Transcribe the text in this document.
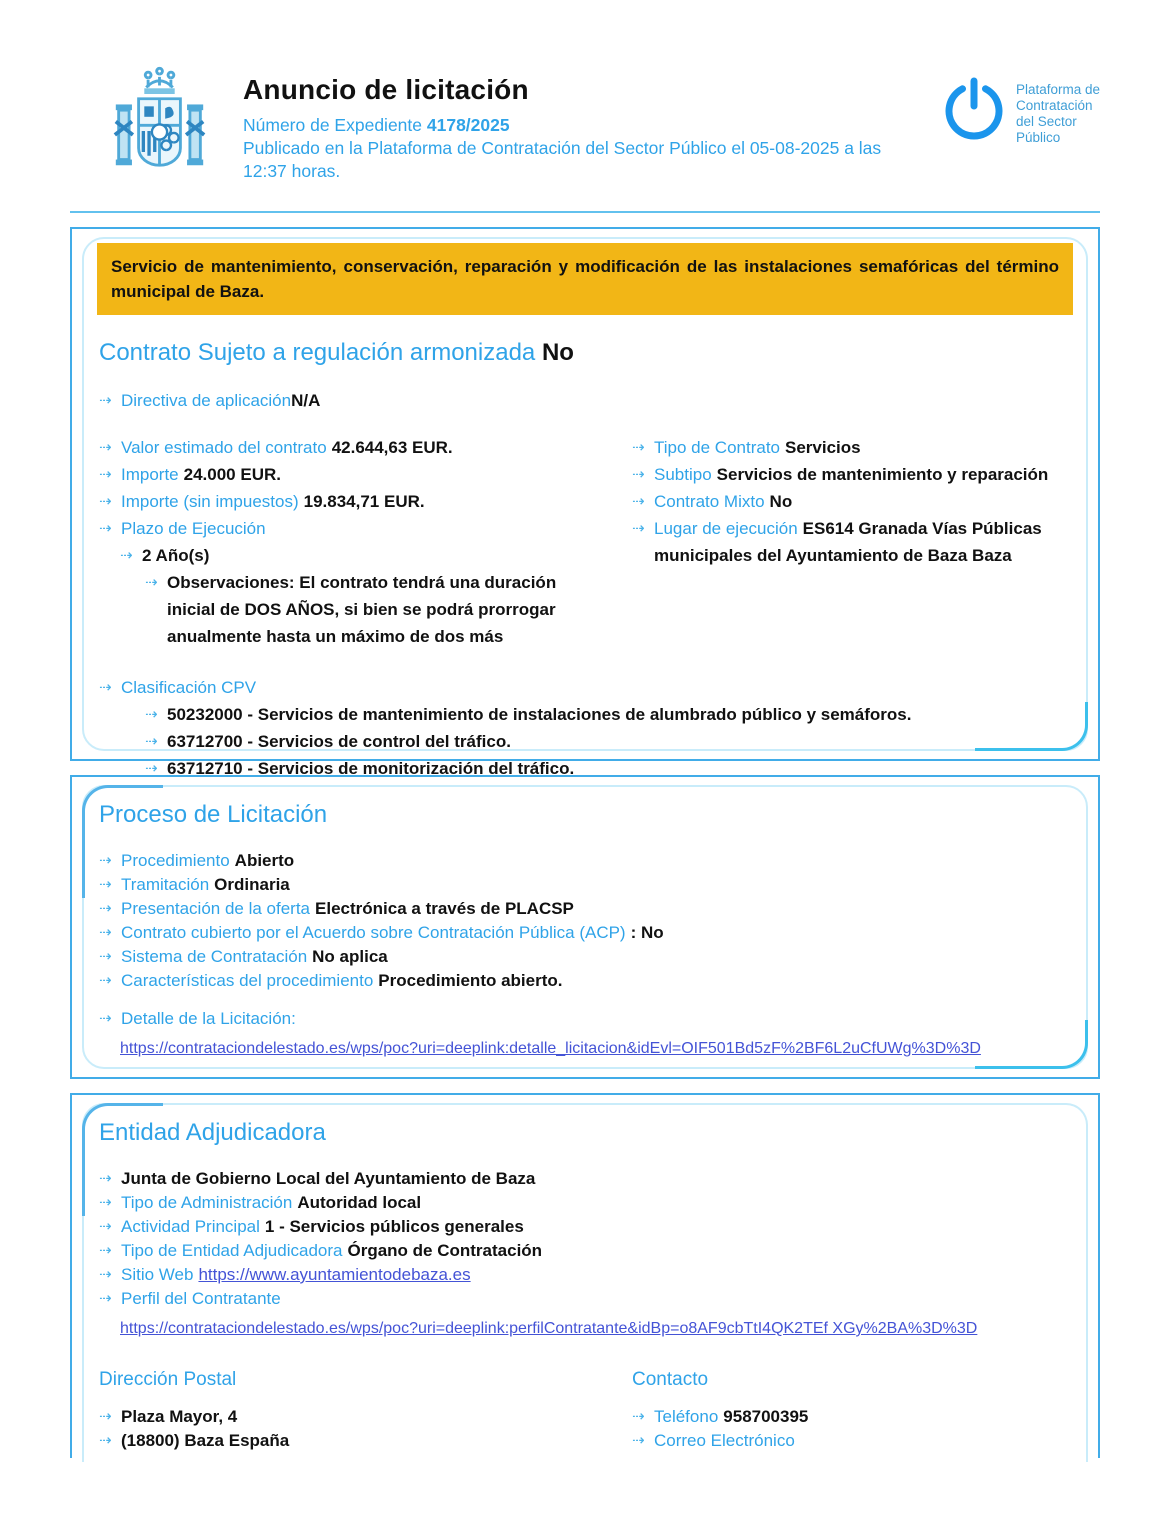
Anuncio de licitación
Número de Expediente 4178/2025
Publicado en la Plataforma de Contratación del Sector Público el 05-08-2025 a las 12:37 horas.
Plataforma de
Contratación
del Sector
Público
Servicio de mantenimiento, conservación, reparación y modificación de las instalaciones semafóricas del término municipal de Baza.
Contrato Sujeto a regulación armonizada No
⇢ Directiva de aplicación N/A
⇢ Valor estimado del contrato 42.644,63 EUR.
⇢ Importe 24.000 EUR.
⇢ Importe (sin impuestos) 19.834,71 EUR.
⇢ Plazo de Ejecución
⇢ 2 Año(s)
⇢ Observaciones: El contrato tendrá una duración inicial de DOS AÑOS, si bien se podrá prorrogar anualmente hasta un máximo de dos más
⇢ Tipo de Contrato Servicios
⇢ Subtipo Servicios de mantenimiento y reparación
⇢ Contrato Mixto No
⇢ Lugar de ejecución ES614 Granada Vías Públicas municipales del Ayuntamiento de Baza Baza
⇢ Clasificación CPV
⇢ 50232000 - Servicios de mantenimiento de instalaciones de alumbrado público y semáforos.
⇢ 63712700 - Servicios de control del tráfico.
⇢ 63712710 - Servicios de monitorización del tráfico.
Proceso de Licitación
⇢ Procedimiento Abierto
⇢ Tramitación Ordinaria
⇢ Presentación de la oferta Electrónica a través de PLACSP
⇢ Contrato cubierto por el Acuerdo sobre Contratación Pública (ACP) : No
⇢ Sistema de Contratación No aplica
⇢ Características del procedimiento Procedimiento abierto.
⇢ Detalle de la Licitación:
https://contrataciondelestado.es/wps/poc?uri=deeplink:detalle_licitacion&idEvl=OIF501Bd5zF%2BF6L2uCfUWg%3D%3D
Entidad Adjudicadora
⇢ Junta de Gobierno Local del Ayuntamiento de Baza
⇢ Tipo de Administración Autoridad local
⇢ Actividad Principal 1 - Servicios públicos generales
⇢ Tipo de Entidad Adjudicadora Órgano de Contratación
⇢ Sitio Web https://www.ayuntamientodebaza.es
⇢ Perfil del Contratante
https://contrataciondelestado.es/wps/poc?uri=deeplink:perfilContratante&idBp=o8AF9cbTtI4QK2TEf XGy%2BA%3D%3D
Dirección Postal
⇢ Plaza Mayor, 4
⇢ (18800) Baza España
Contacto
⇢ Teléfono 958700395
⇢ Correo Electrónico
